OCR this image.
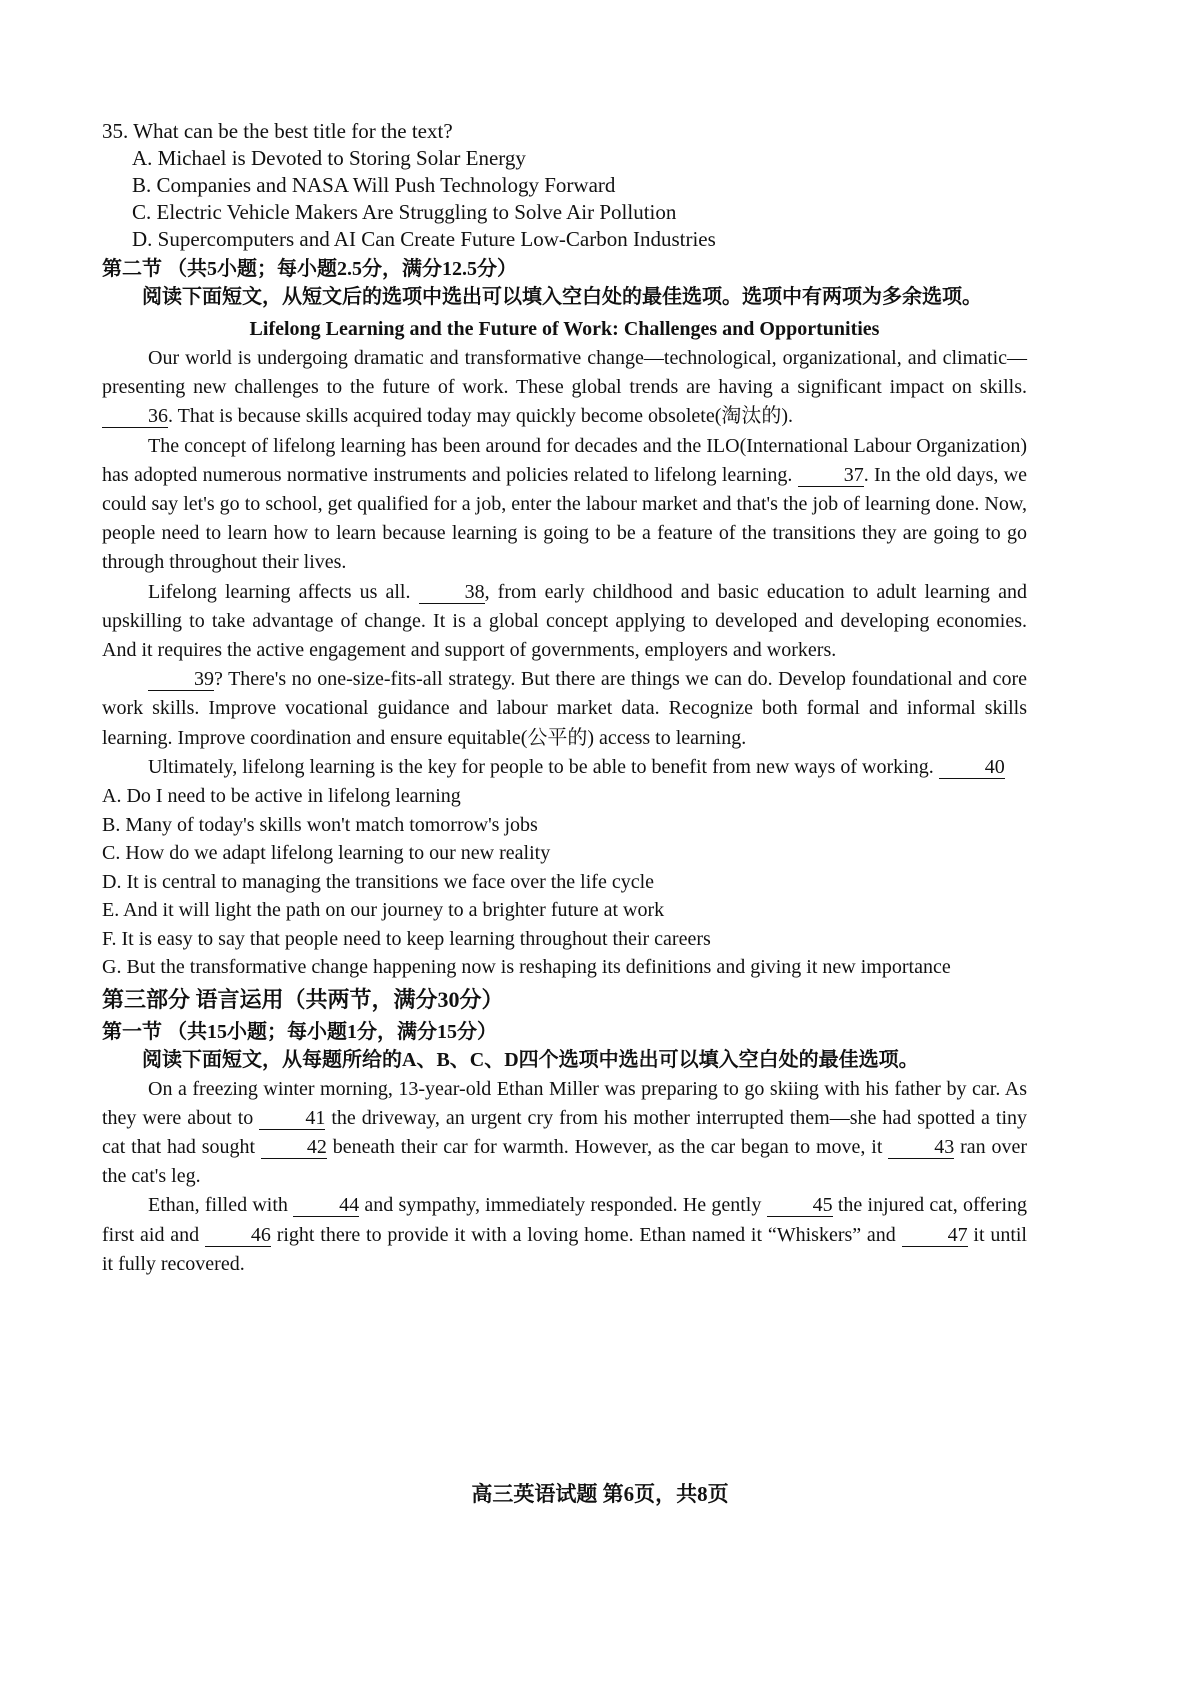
35. What can be the best title for the text?
A. Michael is Devoted to Storing Solar Energy
B. Companies and NASA Will Push Technology Forward
C. Electric Vehicle Makers Are Struggling to Solve Air Pollution
D. Supercomputers and AI Can Create Future Low-Carbon Industries
第二节 （共5小题；每小题2.5分，满分12.5分）
阅读下面短文，从短文后的选项中选出可以填入空白处的最佳选项。选项中有两项为多余选项。
Lifelong Learning and the Future of Work: Challenges and Opportunities
Our world is undergoing dramatic and transformative change—technological, organizational, and climatic—presenting new challenges to the future of work. These global trends are having a significant impact on skills. 36. That is because skills acquired today may quickly become obsolete(淘汰的).
The concept of lifelong learning has been around for decades and the ILO(International Labour Organization) has adopted numerous normative instruments and policies related to lifelong learning.	37. In the old days, we could say let's go to school, get qualified for a job, enter the labour market and that's the job of learning done. Now, people need to learn how to learn because learning is going to be a feature of the transitions they are going to go through throughout their lives.
Lifelong learning affects us all.	38, from early childhood and basic education to adult learning and upskilling to take advantage of change. It is a global concept applying to developed and developing economies. And it requires the active engagement and support of governments, employers and workers.
39? There's no one-size-fits-all strategy. But there are things we can do. Develop foundational and core work skills. Improve vocational guidance and labour market data. Recognize both formal and informal skills learning. Improve coordination and ensure equitable(公平的) access to learning.
Ultimately, lifelong learning is the key for people to be able to benefit from new ways of working.	40
A. Do I need to be active in lifelong learning
B. Many of today's skills won't match tomorrow's jobs
C. How do we adapt lifelong learning to our new reality
D. It is central to managing the transitions we face over the life cycle
E. And it will light the path on our journey to a brighter future at work
F. It is easy to say that people need to keep learning throughout their careers
G. But the transformative change happening now is reshaping its definitions and giving it new importance
第三部分 语言运用（共两节，满分30分）
第一节 （共15小题；每小题1分，满分15分）
阅读下面短文，从每题所给的A、B、C、D四个选项中选出可以填入空白处的最佳选项。
On a freezing winter morning, 13-year-old Ethan Miller was preparing to go skiing with his father by car. As they were about to	41 the driveway, an urgent cry from his mother interrupted them—she had spotted a tiny cat that had sought	42 beneath their car for warmth. However, as the car began to move, it	43 ran over the cat's leg.
Ethan, filled with	44 and sympathy, immediately responded. He gently	45 the injured cat, offering first aid and	46 right there to provide it with a loving home. Ethan named it “Whiskers” and	47 it until it fully recovered.
高三英语试题 第6页，共8页
